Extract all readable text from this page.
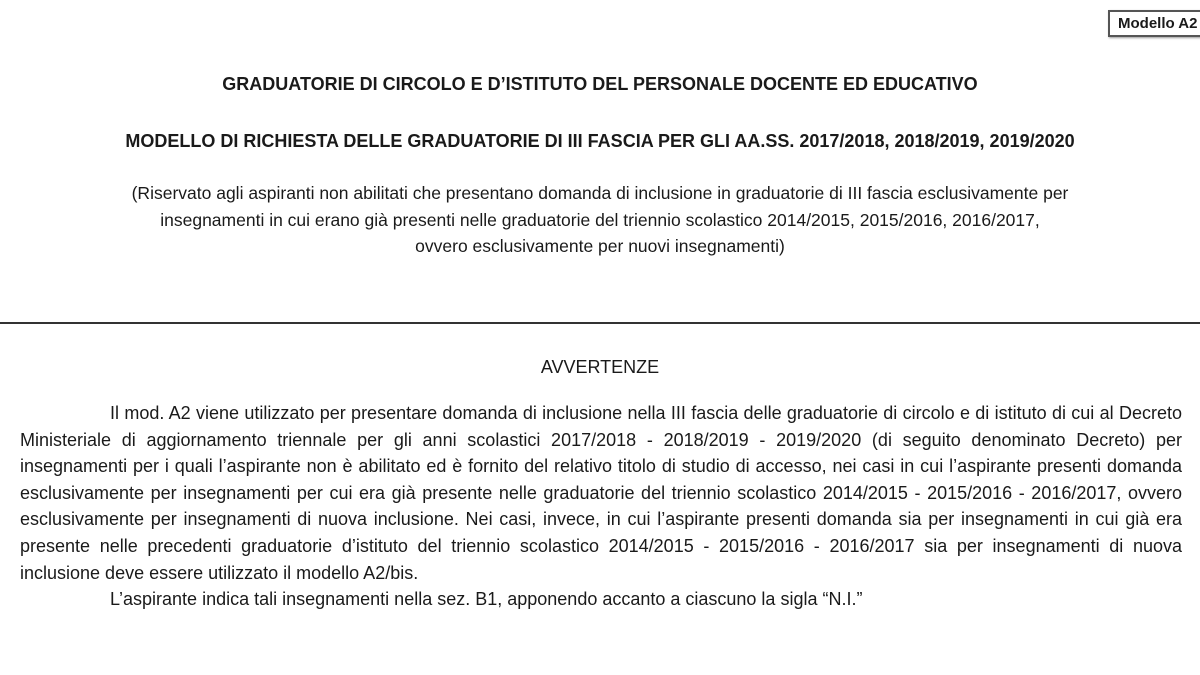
Modello A2
GRADUATORIE DI CIRCOLO E D’ISTITUTO DEL PERSONALE DOCENTE ED EDUCATIVO
MODELLO DI RICHIESTA DELLE GRADUATORIE DI III FASCIA PER GLI AA.SS. 2017/2018, 2018/2019, 2019/2020
(Riservato agli aspiranti non abilitati che presentano domanda di inclusione in graduatorie di III fascia esclusivamente per
insegnamenti in cui erano già presenti nelle graduatorie del triennio scolastico 2014/2015, 2015/2016, 2016/2017,
ovvero esclusivamente per nuovi insegnamenti)
AVVERTENZE

Il mod. A2 viene utilizzato per presentare domanda di inclusione nella III fascia delle graduatorie di circolo e di istituto di cui al Decreto Ministeriale di aggiornamento triennale per gli anni scolastici 2017/2018 - 2018/2019 - 2019/2020 (di seguito denominato Decreto) per insegnamenti per i quali l’aspirante non è abilitato ed è fornito del relativo titolo di studio di accesso, nei casi in cui l’aspirante presenti domanda esclusivamente per insegnamenti per cui era già presente nelle graduatorie del triennio scolastico 2014/2015 - 2015/2016 - 2016/2017, ovvero esclusivamente per insegnamenti di nuova inclusione. Nei casi, invece, in cui l’aspirante presenti domanda sia per insegnamenti in cui già era presente nelle precedenti graduatorie d’istituto del triennio scolastico 2014/2015 - 2015/2016 - 2016/2017 sia per insegnamenti di nuova inclusione deve essere utilizzato il modello A2/bis.

L’aspirante indica tali insegnamenti nella sez. B1, apponendo accanto a ciascuno la sigla “N.I.”
